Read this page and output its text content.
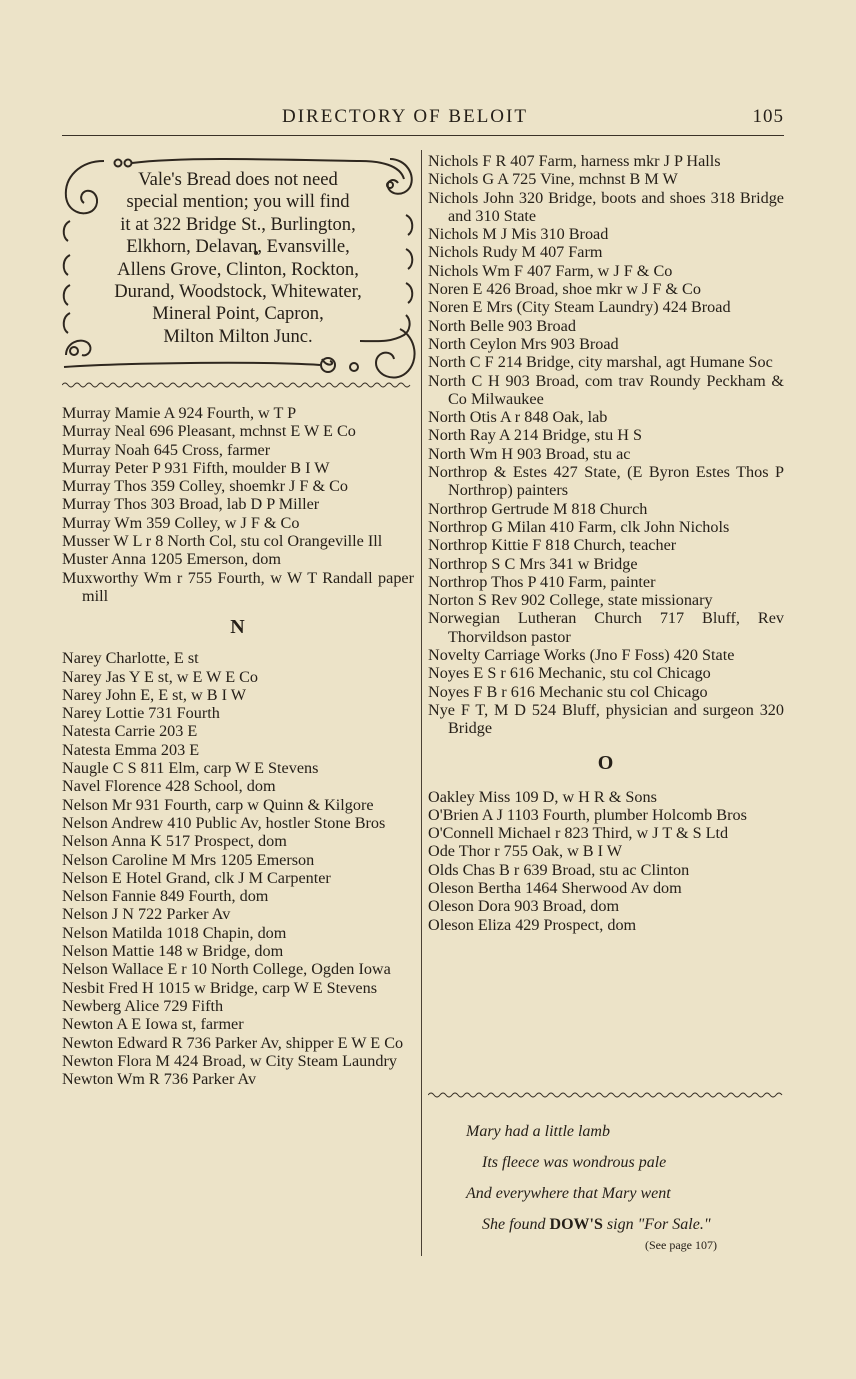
DIRECTORY OF BELOIT	105
Vale's Bread does not need
special mention; you will find
it at 322 Bridge St., Burlington,
Elkhorn, Delavan, Evansville,
Allens Grove, Clinton, Rockton,
Durand, Woodstock, Whitewater,
Mineral Point, Capron,
Milton Milton Junc.
Murray Mamie A 924 Fourth, w T P
Murray Neal 696 Pleasant, mchnst E W E Co
Murray Noah 645 Cross, farmer
Murray Peter P 931 Fifth, moulder B I W
Murray Thos 359 Colley, shoemkr J F & Co
Murray Thos 303 Broad, lab D P Miller
Murray Wm 359 Colley, w J F & Co
Musser W L r 8 North Col, stu col Orangeville Ill
Muster Anna 1205 Emerson, dom
Muxworthy Wm r 755 Fourth, w W T Randall paper mill
N
Narey Charlotte, E st
Narey Jas Y E st, w E W E Co
Narey John E, E st, w B I W
Narey Lottie 731 Fourth
Natesta Carrie 203 E
Natesta Emma 203 E
Naugle C S 811 Elm, carp W E Stevens
Navel Florence 428 School, dom
Nelson Mr 931 Fourth, carp w Quinn & Kilgore
Nelson Andrew 410 Public Av, hostler Stone Bros
Nelson Anna K 517 Prospect, dom
Nelson Caroline M Mrs 1205 Emerson
Nelson E Hotel Grand, clk J M Carpenter
Nelson Fannie 849 Fourth, dom
Nelson J N 722 Parker Av
Nelson Matilda 1018 Chapin, dom
Nelson Mattie 148 w Bridge, dom
Nelson Wallace E r 10 North College, Ogden Iowa
Nesbit Fred H 1015 w Bridge, carp W E Stevens
Newberg Alice 729 Fifth
Newton A E Iowa st, farmer
Newton Edward R 736 Parker Av, shipper E W E Co
Newton Flora M 424 Broad, w City Steam Laundry
Newton Wm R 736 Parker Av
Nichols F R 407 Farm, harness mkr J P Halls
Nichols G A 725 Vine, mchnst B M W
Nichols John 320 Bridge, boots and shoes 318 Bridge and 310 State
Nichols M J Mis 310 Broad
Nichols Rudy M 407 Farm
Nichols Wm F 407 Farm, w J F & Co
Noren E 426 Broad, shoe mkr w J F & Co
Noren E Mrs (City Steam Laundry) 424 Broad
North Belle 903 Broad
North Ceylon Mrs 903 Broad
North C F 214 Bridge, city marshal, agt Humane Soc
North C H 903 Broad, com trav Roundy Peckham & Co Milwaukee
North Otis A r 848 Oak, lab
North Ray A 214 Bridge, stu H S
North Wm H 903 Broad, stu ac
Northrop & Estes 427 State, (E Byron Estes Thos P Northrop) painters
Northrop Gertrude M 818 Church
Northrop G Milan 410 Farm, clk John Nichols
Northrop Kittie F 818 Church, teacher
Northrop S C Mrs 341 w Bridge
Northrop Thos P 410 Farm, painter
Norton S Rev 902 College, state missionary
Norwegian Lutheran Church 717 Bluff, Rev Thorvildson pastor
Novelty Carriage Works (Jno F Foss) 420 State
Noyes E S r 616 Mechanic, stu col Chicago
Noyes F B r 616 Mechanic stu col Chicago
Nye F T, M D 524 Bluff, physician and surgeon 320 Bridge
O
Oakley Miss 109 D, w H R & Sons
O'Brien A J 1103 Fourth, plumber Holcomb Bros
O'Connell Michael r 823 Third, w J T & S Ltd
Ode Thor r 755 Oak, w B I W
Olds Chas B r 639 Broad, stu ac Clinton
Oleson Bertha 1464 Sherwood Av dom
Oleson Dora 903 Broad, dom
Oleson Eliza 429 Prospect, dom
Mary had a little lamb
Its fleece was wondrous pale
And everywhere that Mary went
She found DOW'S sign "For Sale."
(See page 107)
